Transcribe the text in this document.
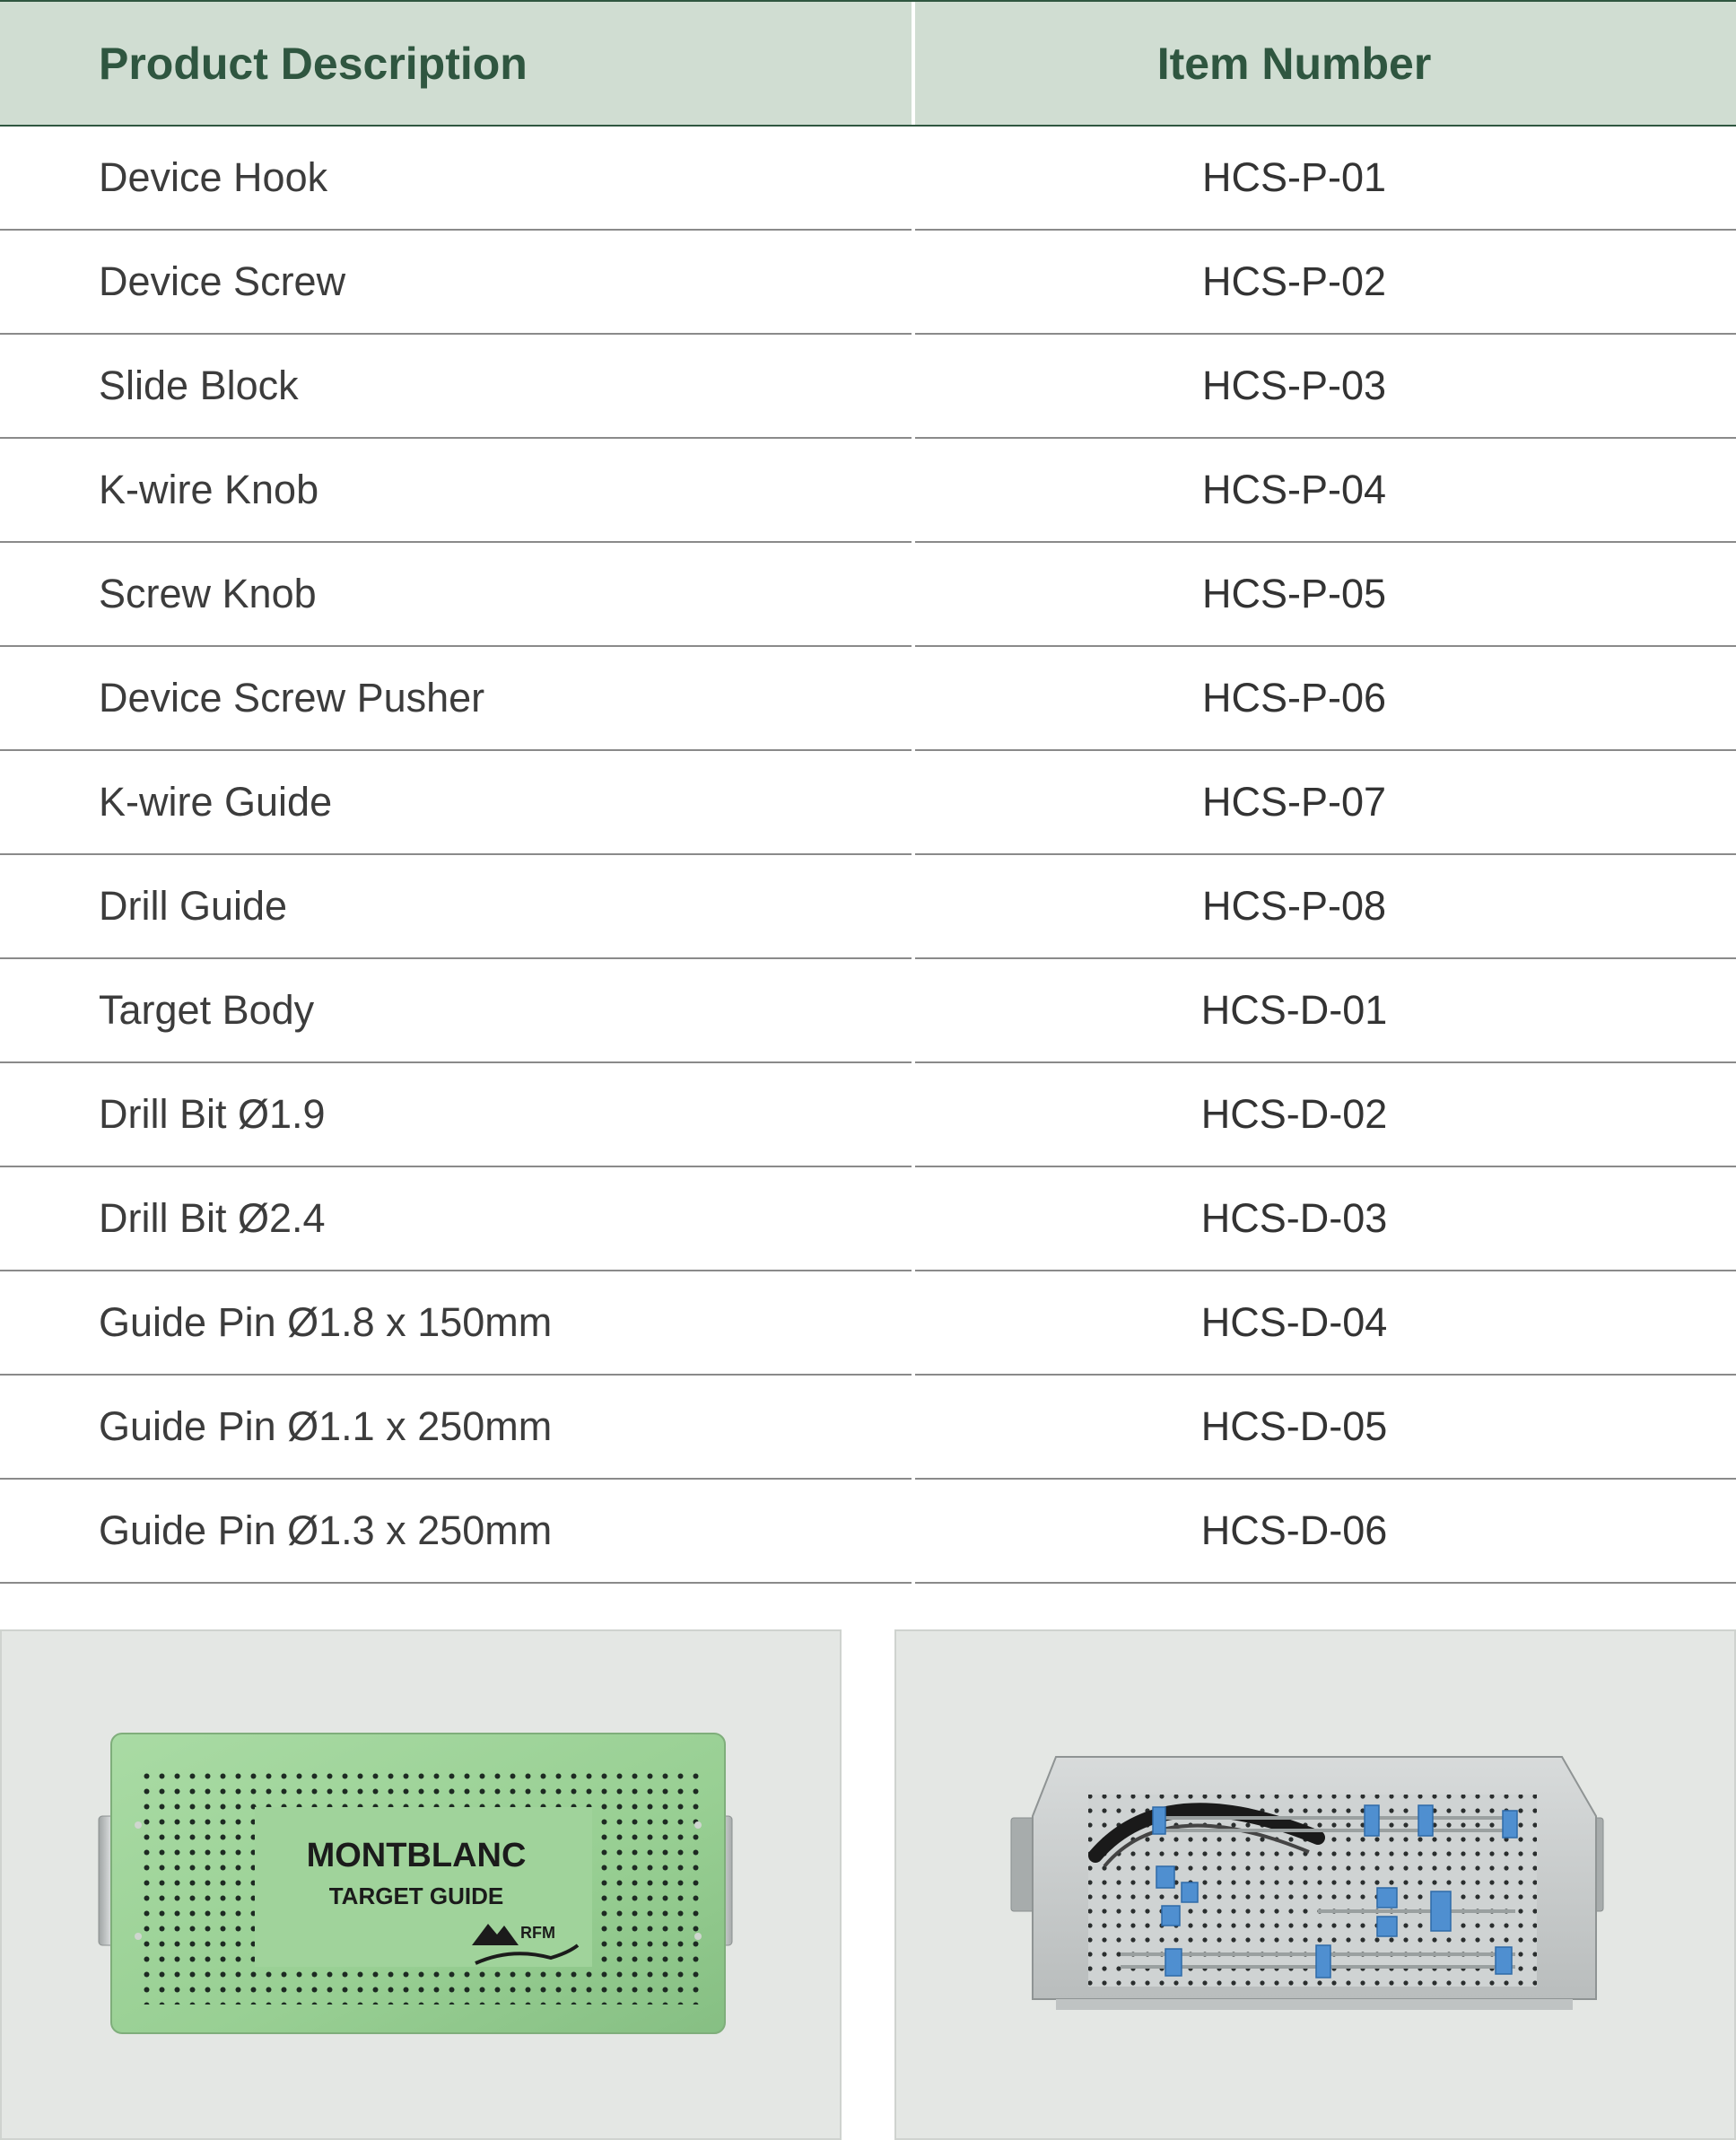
Product Description	Item Number
Device Hook	HCS-P-01
Device Screw	HCS-P-02
Slide Block	HCS-P-03
K-wire Knob	HCS-P-04
Screw Knob	HCS-P-05
Device Screw Pusher	HCS-P-06
K-wire Guide	HCS-P-07
Drill Guide	HCS-P-08
Target Body	HCS-D-01
Drill Bit Ø1.9	HCS-D-02
Drill Bit Ø2.4	HCS-D-03
Guide Pin Ø1.8 x 150mm	HCS-D-04
Guide Pin Ø1.1 x 250mm	HCS-D-05
Guide Pin Ø1.3 x 250mm	HCS-D-06
MONTBLANC
TARGET GUIDE
RFM
